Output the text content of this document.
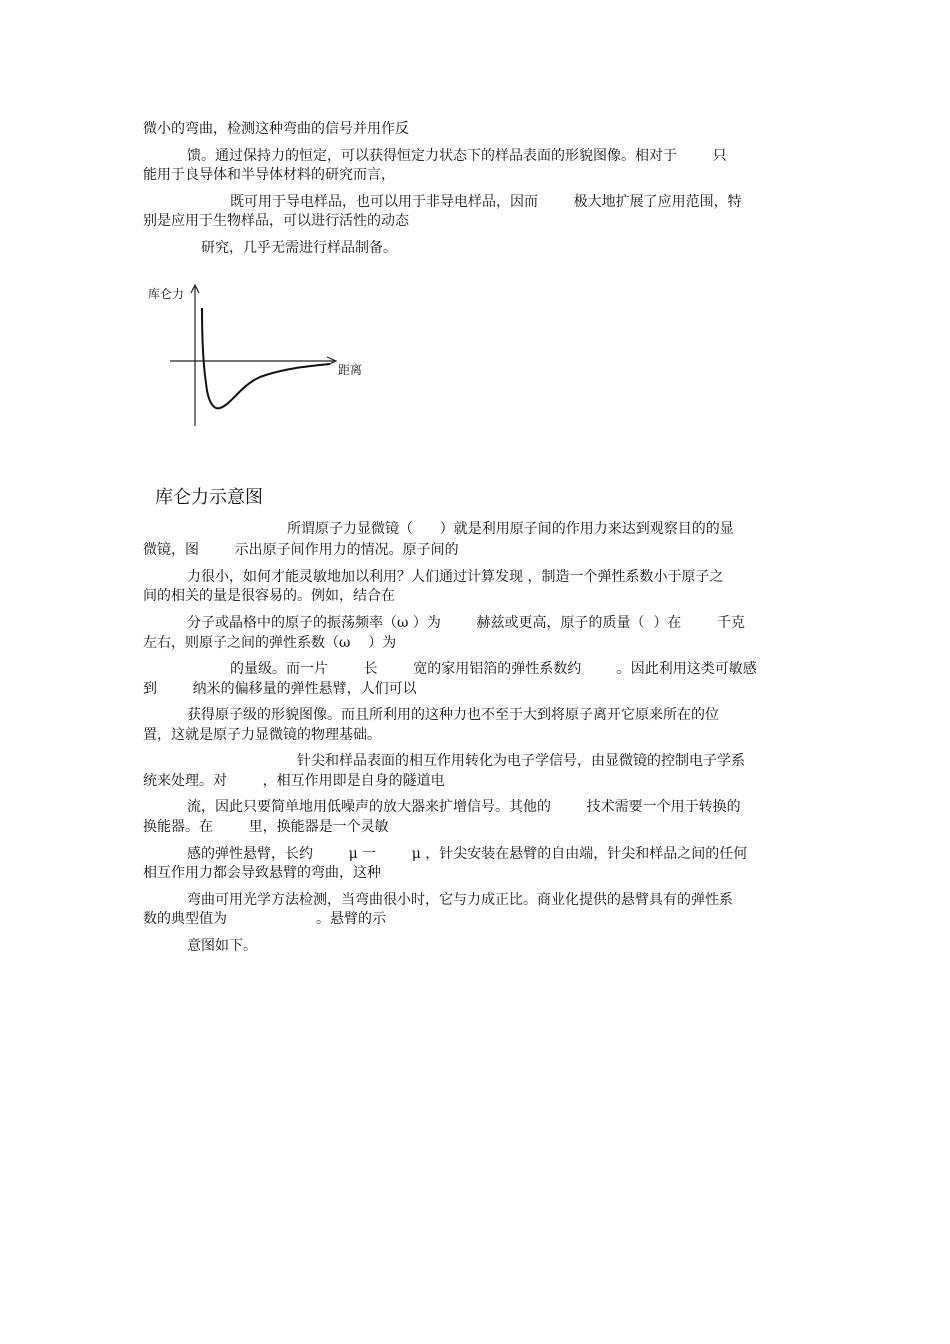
微小的弯曲，检测这种弯曲的信号并用作反
馈。通过保持力的恒定，可以获得恒定力状态下的样品表面的形貌图像。相对于        只
能用于良导体和半导体材料的研究而言，
既可用于导电样品，也可以用于非导电样品，因而        极大地扩展了应用范围，特
别是应用于生物样品，可以进行活性的动态
研究，几乎无需进行样品制备。
库仑力
距离
库仑力示意图
所谓原子力显微镜（      ）就是利用原子间的作用力来达到观察目的的显
微镜，图        示出原子间作用力的情况。原子间的
力很小，如何才能灵敏地加以利用？人们通过计算发现 ，制造一个弹性系数小于原子之
间的相关的量是很容易的。例如，结合在
分子或晶格中的原子的振荡频率（ω ）为        赫兹或更高，原子的质量（  ）在        千克
左右，则原子之间的弹性系数（ω    ）为
的量级。而一片        长        宽的家用铝箔的弹性系数约        。因此利用这类可敏感
到        纳米的偏移量的弹性悬臂，人们可以
获得原子级的形貌图像。而且所利用的这种力也不至于大到将原子离开它原来所在的位
置，这就是原子力显微镜的物理基础。
针尖和样品表面的相互作用转化为电子学信号，由显微镜的控制电子学系
统来处理。对        ，相互作用即是自身的隧道电
流，因此只要简单地用低噪声的放大器来扩增信号。其他的        技术需要一个用于转换的
换能器。在        里，换能器是一个灵敏
感的弹性悬臂，长约        μ 一        μ ，针尖安装在悬臂的自由端，针尖和样品之间的任何
相互作用力都会导致悬臂的弯曲，这种
弯曲可用光学方法检测，当弯曲很小时，它与力成正比。商业化提供的悬臂具有的弹性系
数的典型值为                    。悬臂的示
意图如下。
